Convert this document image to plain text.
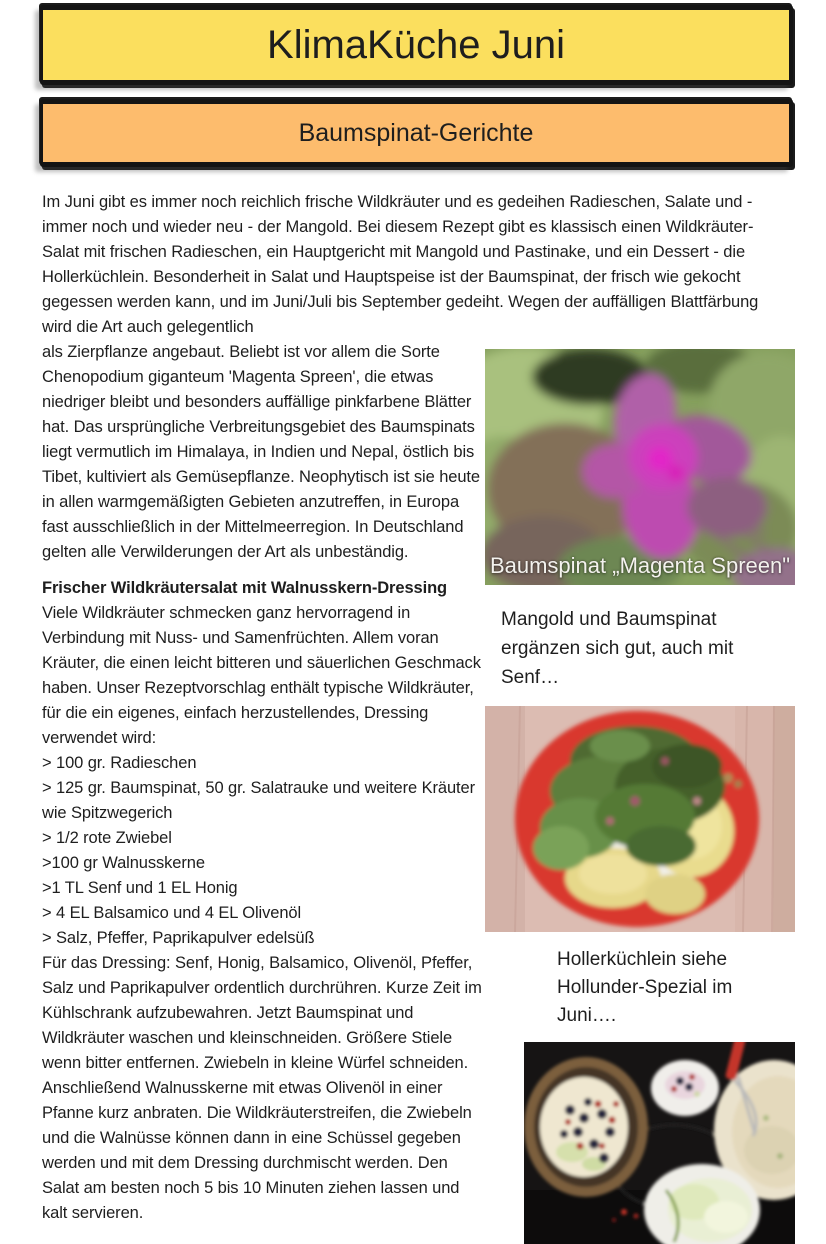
KlimaKüche Juni
Baumspinat-Gerichte

Im Juni gibt es immer noch reichlich frische Wildkräuter und es gedeihen Radieschen, Salate und - immer noch und wieder neu - der Mangold. Bei diesem Rezept gibt es klassisch einen Wildkräuter-Salat mit frischen Radieschen, ein Hauptgericht mit Mangold und Pastinake, und ein Dessert - die Hollerküchlein. Besonderheit in Salat und Hauptspeise ist der Baumspinat, der frisch wie gekocht gegessen werden kann, und im Juni/Juli bis September gedeiht. Wegen der auffälligen Blattfärbung wird die Art auch gelegentlich

als Zierpflanze angebaut. Beliebt ist vor allem die Sorte Chenopodium giganteum 'Magenta Spreen', die etwas niedriger bleibt und besonders auffällige pinkfarbene Blätter hat. Das ursprüngliche Verbreitungsgebiet des Baumspinats liegt vermutlich im Himalaya, in Indien und Nepal, östlich bis Tibet, kultiviert als Gemüsepflanze. Neophytisch ist sie heute in allen warmgemäßigten Gebieten anzutreffen, in Europa fast ausschließlich in der Mittelmeerregion. In Deutschland gelten alle Verwilderungen der Art als unbeständig.

Frischer Wildkräutersalat mit Walnusskern-Dressing

Viele Wildkräuter schmecken ganz hervorragend in Verbindung mit Nuss- und Samenfrüchten. Allem voran Kräuter, die einen leicht bitteren und säuerlichen Geschmack haben. Unser Rezeptvorschlag enthält typische Wildkräuter, für die ein eigenes, einfach herzustellendes, Dressing verwendet wird:

> 100 gr. Radieschen
> 125 gr. Baumspinat, 50 gr. Salatrauke und weitere Kräuter wie Spitzwegerich
> 1/2 rote Zwiebel
>100 gr Walnusskerne
>1 TL Senf und 1 EL Honig
> 4 EL Balsamico und 4 EL Olivenöl
> Salz, Pfeffer, Paprikapulver edelsüß

Für das Dressing: Senf, Honig, Balsamico, Olivenöl, Pfeffer, Salz und Paprikapulver ordentlich durchrühren. Kurze Zeit im Kühlschrank aufzubewahren. Jetzt Baumspinat und Wildkräuter waschen und kleinschneiden. Größere Stiele wenn bitter entfernen. Zwiebeln in kleine Würfel schneiden. Anschließend Walnusskerne mit etwas Olivenöl in einer Pfanne kurz anbraten. Die Wildkräuterstreifen, die Zwiebeln und die Walnüsse können dann in eine Schüssel gegeben werden und mit dem Dressing durchmischt werden. Den Salat am besten noch 5 bis 10 Minuten ziehen lassen und kalt servieren.

Baumspinat „Magenta Spreen"
Mangold und Baumspinat ergänzen sich gut, auch mit Senf…
Hollerküchlein siehe Hollunder-Spezial im Juni….
